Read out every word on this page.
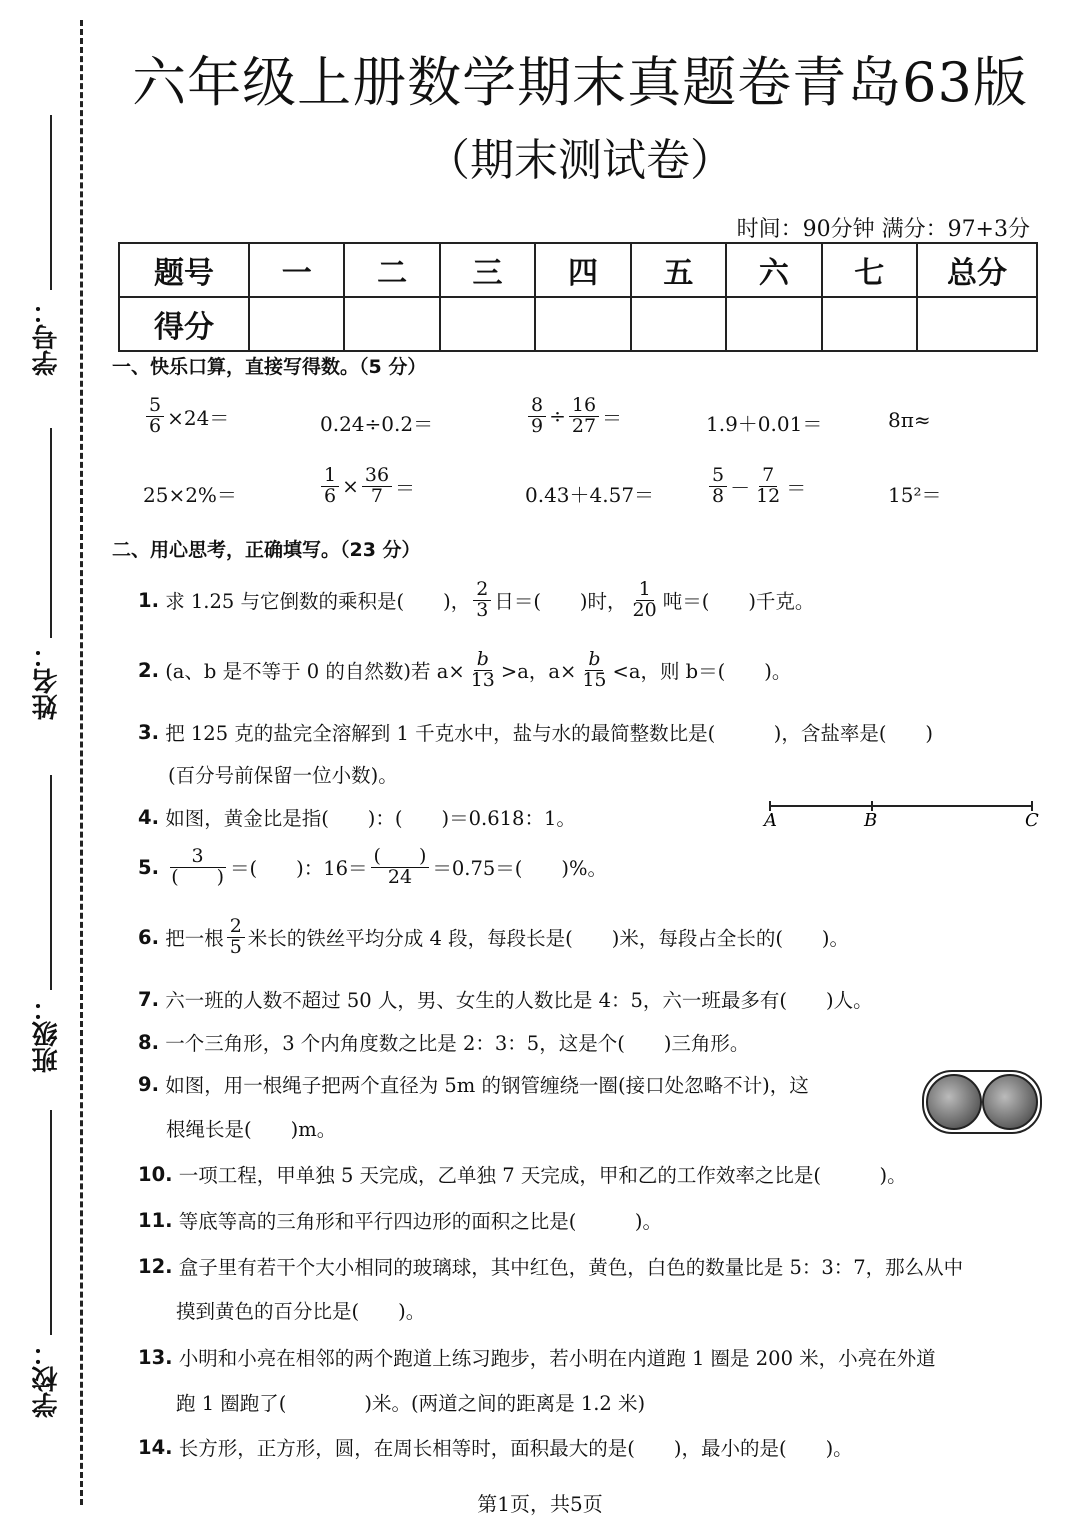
学号：
姓名：
班级：
学校：
六年级上册数学期末真题卷青岛63版
（期末测试卷）
时间：90分钟 满分：97+3分
题号	一	二	三	四	五	六	七	总分
得分								
一、快乐口算，直接写得数。（5 分）
$\frac{5}{6} \times 24=$	0.24÷0.2＝	$\frac{8}{9} \div \frac{16}{27}$ ＝	1.9＋0.01＝	8π≈
25×2%＝	$\frac{1}{6} \times \frac{36}{7}$ ＝	0.43＋4.57＝	$\frac{5}{8} - \frac{7}{12}$ ＝	15²＝
二、用心思考，正确填写。（23 分）
1.
求 1.25 与它倒数的乘积是(　　)， $\frac{2}{3}$ 日＝(　　)时， $\frac{1}{20}$ 吨＝(　　)千克。
2.
(a、b 是不等于 0 的自然数)若 $a\times \frac{b}{13} >a$，$a\times \frac{b}{15} <a$，则 b＝(　　)。
3.
把 125 克的盐完全溶解到 1 千克水中，盐与水的最简整数比是(　　　)，含盐率是(　　)
(百分号前保留一位小数)。
4.
如图，黄金比是指(　　)：(　　)＝0.618：1。	A	B	C
5.
$\frac{3}{( )}$ ＝(　　)：$16= \frac{( )}{24} =0.75=$(　　)%。
6.
把一根 $\frac{2}{5}$ 米长的铁丝平均分成 4 段，每段长是(　　)米，每段占全长的(　　)。
7.
六一班的人数不超过 50 人，男、女生的人数比是 4：5，六一班最多有(　　)人。
8.
一个三角形，3 个内角度数之比是 2：3：5，这是个(　　)三角形。
9.
如图，用一根绳子把两个直径为 5m 的钢管缠绕一圈(接口处忽略不计)，这
根绳长是(　　)m。
10.
一项工程，甲单独 5 天完成，乙单独 7 天完成，甲和乙的工作效率之比是(　　　)。
11.
等底等高的三角形和平行四边形的面积之比是(　　　)。
12.
盒子里有若干个大小相同的玻璃球，其中红色，黄色，白色的数量比是 5：3：7，那么从中
摸到黄色的百分比是(　　)。
13.
小明和小亮在相邻的两个跑道上练习跑步，若小明在内道跑 1 圈是 200 米，小亮在外道
跑 1 圈跑了(　　　　)米。(两道之间的距离是 1.2 米)
14.
长方形，正方形，圆，在周长相等时，面积最大的是(　　)，最小的是(　　)。
第1页，共5页
